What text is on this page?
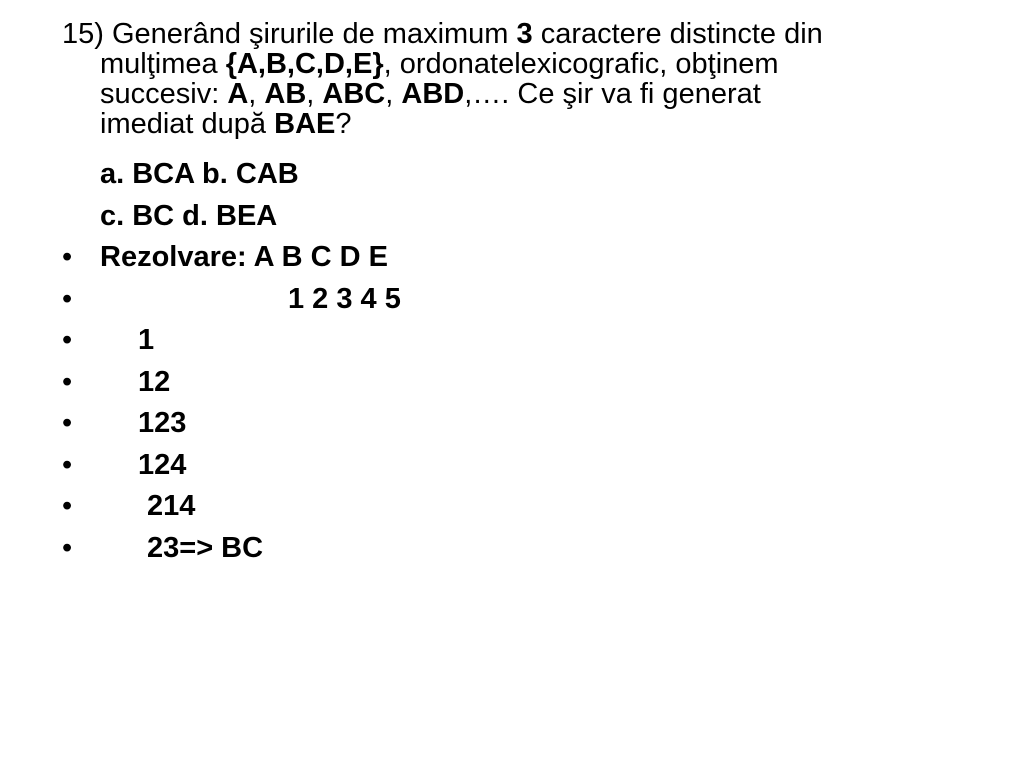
15) Generând şirurile de maximum 3 caractere distincte din
mulţimea {A,B,C,D,E}, ordonatelexicografic, obţinem
succesiv: A, AB, ABC, ABD,…. Ce şir va fi generat
imediat după BAE?
a. BCA b. CAB
c. BC d. BEA
• Rezolvare: A B C D E
•	1 2 3 4 5
• 1
• 12
• 123
• 124
•	214
•	23=> BC
